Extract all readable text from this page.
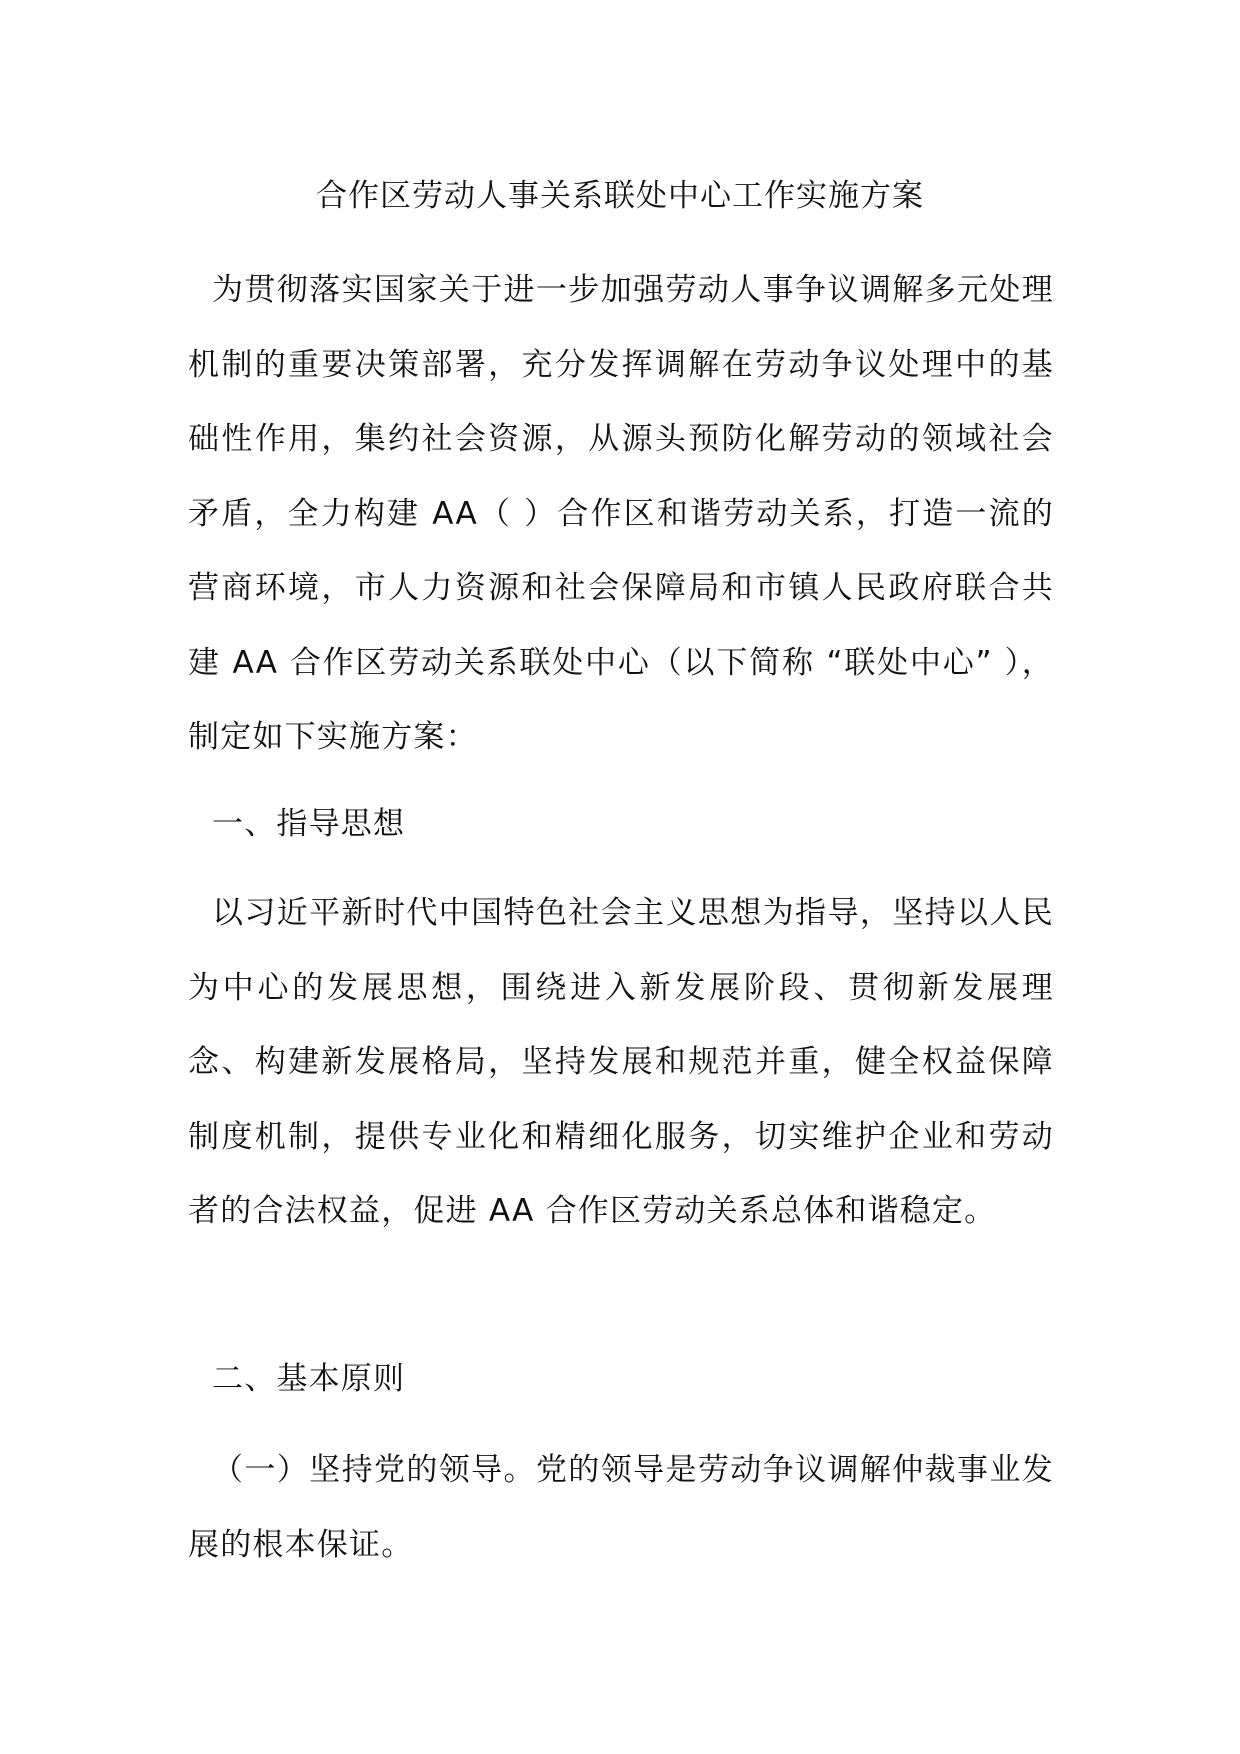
合作区劳动人事关系联处中心工作实施方案

为贯彻落实国家关于进一步加强劳动人事争议调解多元处理机制的重要决策部署，充分发挥调解在劳动争议处理中的基础性作用，集约社会资源，从源头预防化解劳动的领域社会矛盾，全力构建 AA（ ）合作区和谐劳动关系，打造一流的营商环境，市人力资源和社会保障局和市镇人民政府联合共建 AA 合作区劳动关系联处中心（以下简称 “联处中心” ），制定如下实施方案：

一、指导思想

以习近平新时代中国特色社会主义思想为指导，坚持以人民为中心的发展思想，围绕进入新发展阶段、贯彻新发展理念、构建新发展格局，坚持发展和规范并重，健全权益保障制度机制，提供专业化和精细化服务，切实维护企业和劳动者的合法权益，促进 AA 合作区劳动关系总体和谐稳定。

二、基本原则

（一）坚持党的领导。党的领导是劳动争议调解仲裁事业发展的根本保证。
